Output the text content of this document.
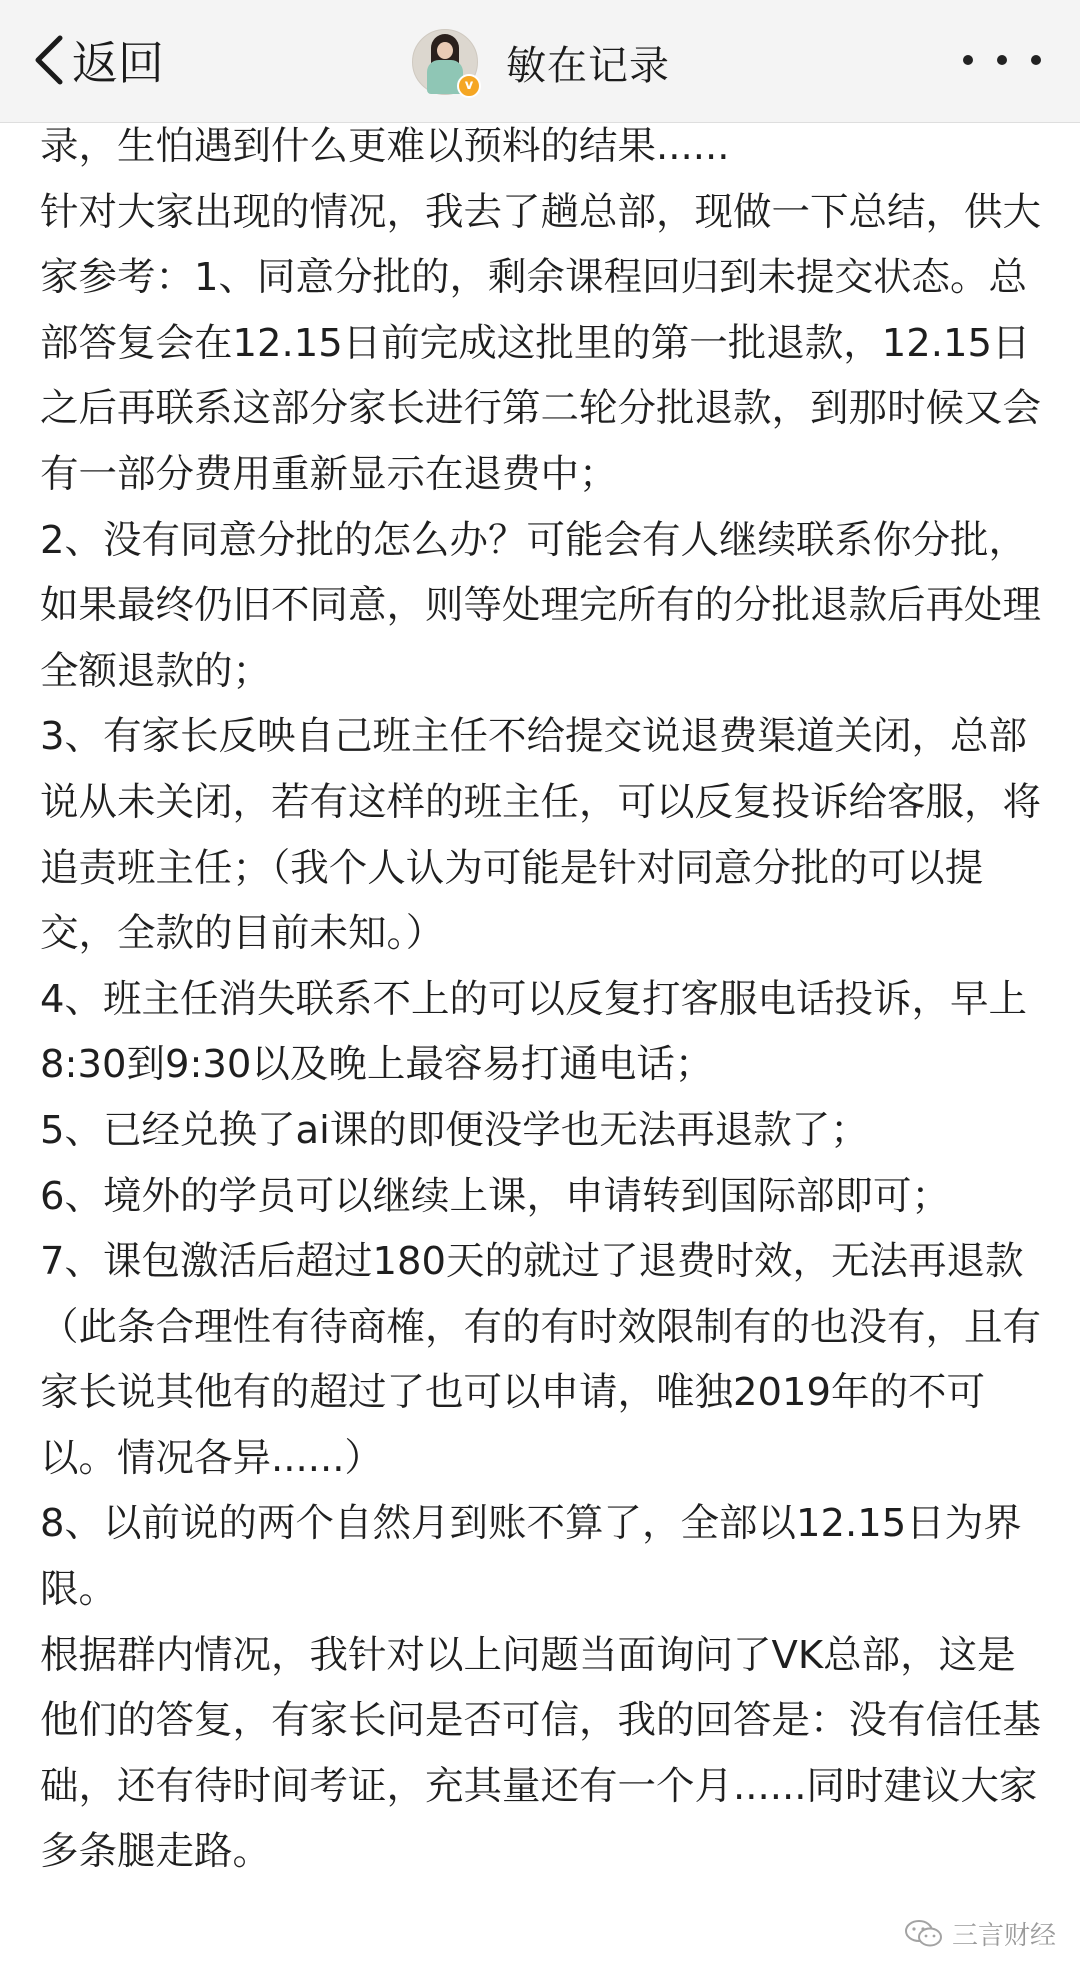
返回	v 敏在记录

录，生怕遇到什么更难以预料的结果......

针对大家出现的情况，我去了趟总部，现做一下总结，供大家参考：1、同意分批的，剩余课程回归到未提交状态。总部答复会在12.15日前完成这批里的第一批退款，12.15日之后再联系这部分家长进行第二轮分批退款，到那时候又会有一部分费用重新显示在退费中；

2、没有同意分批的怎么办？可能会有人继续联系你分批，如果最终仍旧不同意，则等处理完所有的分批退款后再处理全额退款的；

3、有家长反映自己班主任不给提交说退费渠道关闭，总部说从未关闭，若有这样的班主任，可以反复投诉给客服，将追责班主任；（我个人认为可能是针对同意分批的可以提交，全款的目前未知。）

4、班主任消失联系不上的可以反复打客服电话投诉，早上8:30到9:30以及晚上最容易打通电话；

5、已经兑换了ai课的即便没学也无法再退款了；

6、境外的学员可以继续上课，申请转到国际部即可；

7、课包激活后超过180天的就过了退费时效，无法再退款（此条合理性有待商榷，有的有时效限制有的也没有，且有家长说其他有的超过了也可以申请，唯独2019年的不可以。情况各异......）

8、以前说的两个自然月到账不算了，全部以12.15日为界限。

根据群内情况，我针对以上问题当面询问了VK总部，这是他们的答复，有家长问是否可信，我的回答是：没有信任基础，还有待时间考证，充其量还有一个月......同时建议大家多条腿走路。

三言财经
